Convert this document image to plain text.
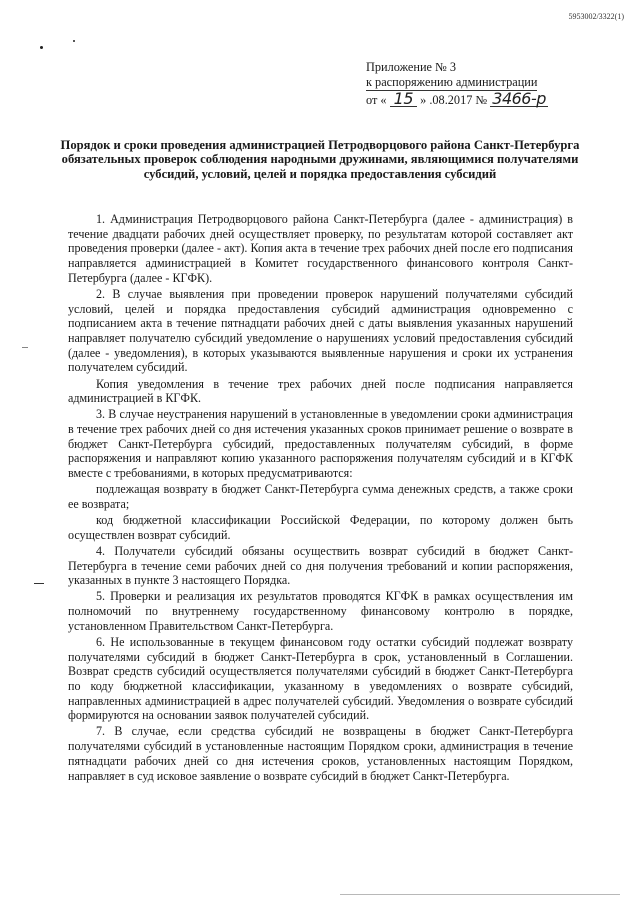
5953002/3322(1)
Приложение № 3
к распоряжению администрации
от « 15 » .08.2017 № 3466-р
Порядок и сроки проведения администрацией Петродворцового района Санкт-Петербурга обязательных проверок соблюдения народными дружинами, являющимися получателями субсидий, условий, целей и порядка предоставления субсидий

1. Администрация Петродворцового района Санкт-Петербурга (далее - администрация) в течение двадцати рабочих дней осуществляет проверку, по результатам которой составляет акт проведения проверки (далее - акт). Копия акта в течение трех рабочих дней после его подписания направляется администрацией в Комитет государственного финансового контроля Санкт-Петербурга (далее - КГФК).

2. В случае выявления при проведении проверок нарушений получателями субсидий условий, целей и порядка предоставления субсидий администрация одновременно с подписанием акта в течение пятнадцати рабочих дней с даты выявления указанных нарушений направляет получателю субсидий уведомление о нарушениях условий предоставления субсидий (далее - уведомления), в которых указываются выявленные нарушения и сроки их устранения получателем субсидий.

Копия уведомления в течение трех рабочих дней после подписания направляется администрацией в КГФК.

3. В случае неустранения нарушений в установленные в уведомлении сроки администрация в течение трех рабочих дней со дня истечения указанных сроков принимает решение о возврате в бюджет Санкт-Петербурга субсидий, предоставленных получателям субсидий, в форме распоряжения и направляют копию указанного распоряжения получателям субсидий и в КГФК вместе с требованиями, в которых предусматриваются:

подлежащая возврату в бюджет Санкт-Петербурга сумма денежных средств, а также сроки ее возврата;

код бюджетной классификации Российской Федерации, по которому должен быть осуществлен возврат субсидий.

4. Получатели субсидий обязаны осуществить возврат субсидий в бюджет Санкт-Петербурга в течение семи рабочих дней со дня получения требований и копии распоряжения, указанных в пункте 3 настоящего Порядка.

5. Проверки и реализация их результатов проводятся КГФК в рамках осуществления им полномочий по внутреннему государственному финансовому контролю в порядке, установленном Правительством Санкт-Петербурга.

6. Не использованные в текущем финансовом году остатки субсидий подлежат возврату получателями субсидий в бюджет Санкт-Петербурга в срок, установленный в Соглашении. Возврат средств субсидий осуществляется получателями субсидий в бюджет Санкт-Петербурга по коду бюджетной классификации, указанному в уведомлениях о возврате субсидий, направленных администрацией в адрес получателей субсидий. Уведомления о возврате субсидий формируются на основании заявок получателей субсидий.

7. В случае, если средства субсидий не возвращены в бюджет Санкт-Петербурга получателями субсидий в установленные настоящим Порядком сроки, администрация в течение пятнадцати рабочих дней со дня истечения сроков, установленных настоящим Порядком, направляет в суд исковое заявление о возврате субсидий в бюджет Санкт-Петербурга.
